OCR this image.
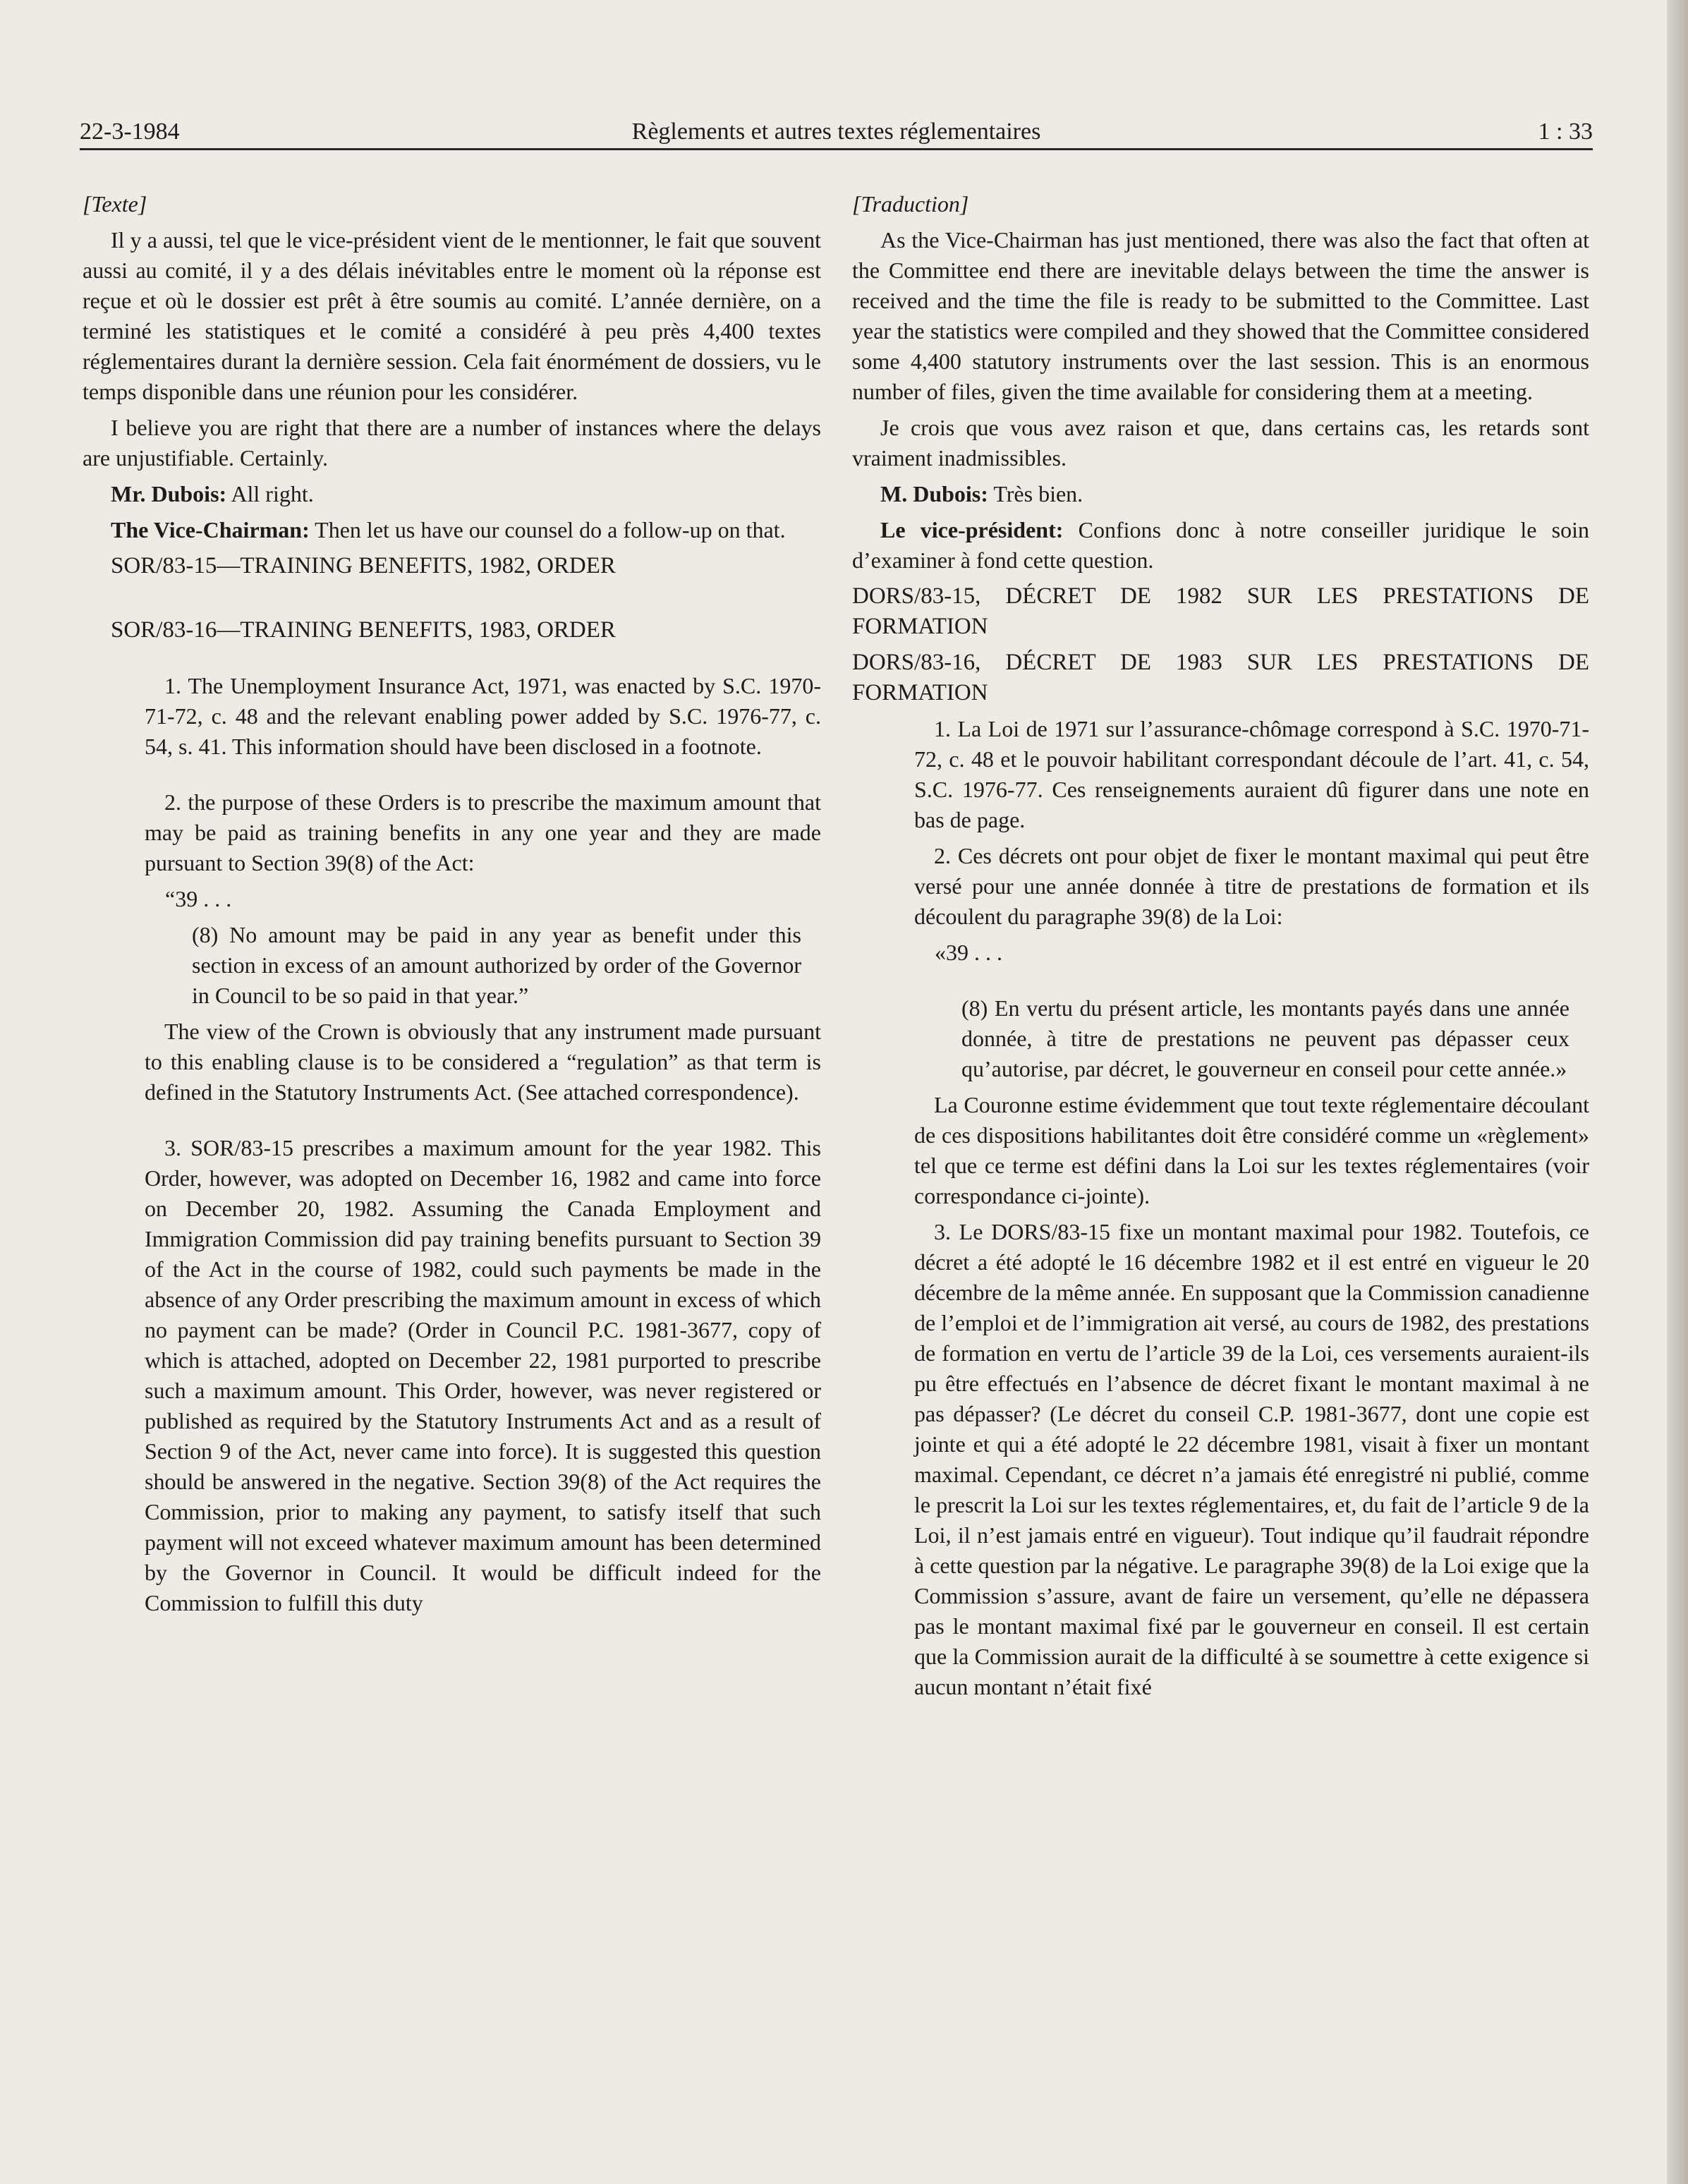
22-3-1984	Règlements et autres textes réglementaires	1 : 33

[Texte]

Il y a aussi, tel que le vice-président vient de le mentionner, le fait que souvent aussi au comité, il y a des délais inévitables entre le moment où la réponse est reçue et où le dossier est prêt à être soumis au comité. L’année dernière, on a terminé les statistiques et le comité a considéré à peu près 4,400 textes réglementaires durant la dernière session. Cela fait énormément de dossiers, vu le temps disponible dans une réunion pour les considérer.

I believe you are right that there are a number of instances where the delays are unjustifiable. Certainly.

Mr. Dubois: All right.

The Vice-Chairman: Then let us have our counsel do a follow-up on that.

SOR/83-15—TRAINING BENEFITS, 1982, ORDER

SOR/83-16—TRAINING BENEFITS, 1983, ORDER

1. The Unemployment Insurance Act, 1971, was enacted by S.C. 1970-71-72, c. 48 and the relevant enabling power added by S.C. 1976-77, c. 54, s. 41. This information should have been disclosed in a footnote.

2. the purpose of these Orders is to prescribe the maximum amount that may be paid as training benefits in any one year and they are made pursuant to Section 39(8) of the Act:

“39 . . .

(8) No amount may be paid in any year as benefit under this section in excess of an amount authorized by order of the Governor in Council to be so paid in that year.”

The view of the Crown is obviously that any instrument made pursuant to this enabling clause is to be considered a “regulation” as that term is defined in the Statutory Instruments Act. (See attached correspondence).

3. SOR/83-15 prescribes a maximum amount for the year 1982. This Order, however, was adopted on December 16, 1982 and came into force on December 20, 1982. Assuming the Canada Employment and Immigration Commission did pay training benefits pursuant to Section 39 of the Act in the course of 1982, could such payments be made in the absence of any Order prescribing the maximum amount in excess of which no payment can be made? (Order in Council P.C. 1981-3677, copy of which is attached, adopted on December 22, 1981 purported to prescribe such a maximum amount. This Order, however, was never registered or published as required by the Statutory Instruments Act and as a result of Section 9 of the Act, never came into force). It is suggested this question should be answered in the negative. Section 39(8) of the Act requires the Commission, prior to making any payment, to satisfy itself that such payment will not exceed whatever maximum amount has been determined by the Governor in Council. It would be difficult indeed for the Commission to fulfill this duty

[Traduction]

As the Vice-Chairman has just mentioned, there was also the fact that often at the Committee end there are inevitable delays between the time the answer is received and the time the file is ready to be submitted to the Committee. Last year the statistics were compiled and they showed that the Committee considered some 4,400 statutory instruments over the last session. This is an enormous number of files, given the time available for considering them at a meeting.

Je crois que vous avez raison et que, dans certains cas, les retards sont vraiment inadmissibles.

M. Dubois: Très bien.

Le vice-président: Confions donc à notre conseiller juridique le soin d’examiner à fond cette question.

DORS/83-15, DÉCRET DE 1982 SUR LES PRESTATIONS DE FORMATION

DORS/83-16, DÉCRET DE 1983 SUR LES PRESTATIONS DE FORMATION

1. La Loi de 1971 sur l’assurance-chômage correspond à S.C. 1970-71-72, c. 48 et le pouvoir habilitant correspondant découle de l’art. 41, c. 54, S.C. 1976-77. Ces renseignements auraient dû figurer dans une note en bas de page.

2. Ces décrets ont pour objet de fixer le montant maximal qui peut être versé pour une année donnée à titre de prestations de formation et ils découlent du paragraphe 39(8) de la Loi:

«39 . . .

(8) En vertu du présent article, les montants payés dans une année donnée, à titre de prestations ne peuvent pas dépasser ceux qu’autorise, par décret, le gouverneur en conseil pour cette année.»

La Couronne estime évidemment que tout texte réglementaire découlant de ces dispositions habilitantes doit être considéré comme un «règlement» tel que ce terme est défini dans la Loi sur les textes réglementaires (voir correspondance ci-jointe).

3. Le DORS/83-15 fixe un montant maximal pour 1982. Toutefois, ce décret a été adopté le 16 décembre 1982 et il est entré en vigueur le 20 décembre de la même année. En supposant que la Commission canadienne de l’emploi et de l’immigration ait versé, au cours de 1982, des prestations de formation en vertu de l’article 39 de la Loi, ces versements auraient-ils pu être effectués en l’absence de décret fixant le montant maximal à ne pas dépasser? (Le décret du conseil C.P. 1981-3677, dont une copie est jointe et qui a été adopté le 22 décembre 1981, visait à fixer un montant maximal. Cependant, ce décret n’a jamais été enregistré ni publié, comme le prescrit la Loi sur les textes réglementaires, et, du fait de l’article 9 de la Loi, il n’est jamais entré en vigueur). Tout indique qu’il faudrait répondre à cette question par la négative. Le paragraphe 39(8) de la Loi exige que la Commission s’assure, avant de faire un versement, qu’elle ne dépassera pas le montant maximal fixé par le gouverneur en conseil. Il est certain que la Commission aurait de la difficulté à se soumettre à cette exigence si aucun montant n’était fixé
